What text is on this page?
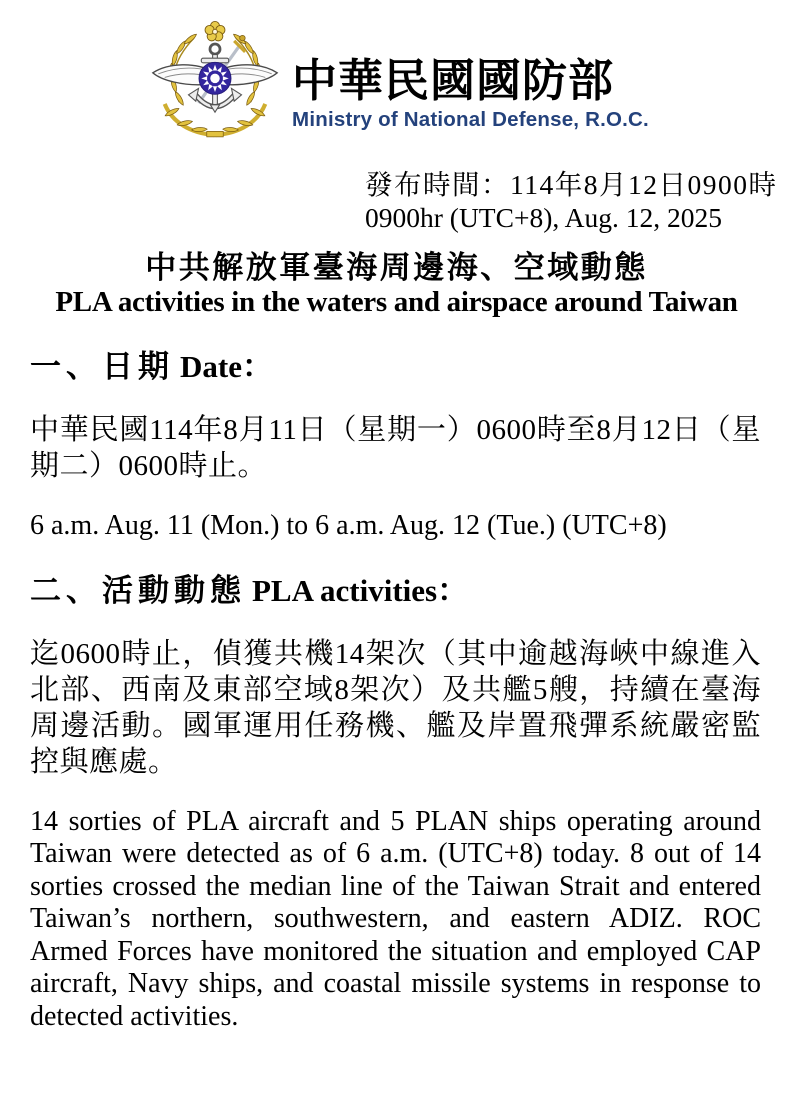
中華民國國防部
Ministry of National Defense, R.O.C.
發布時間：114年8月12日0900時
0900hr (UTC+8), Aug. 12, 2025
中共解放軍臺海周邊海、空域動態
PLA activities in the waters and airspace around Taiwan
一、日期 Date：

中華民國114年8月11日（星期一）0600時至8月12日（星期二）0600時止。

6 a.m. Aug. 11 (Mon.) to 6 a.m. Aug. 12 (Tue.) (UTC+8)

二、活動動態 PLA activities：

迄0600時止，偵獲共機14架次（其中逾越海峽中線進入北部、西南及東部空域8架次）及共艦5艘，持續在臺海周邊活動。國軍運用任務機、艦及岸置飛彈系統嚴密監控與應處。

14 sorties of PLA aircraft and 5 PLAN ships operating around Taiwan were detected as of 6 a.m. (UTC+8) today. 8 out of 14 sorties crossed the median line of the Taiwan Strait and entered Taiwan’s northern, southwestern, and eastern ADIZ. ROC Armed Forces have monitored the situation and employed CAP aircraft, Navy ships, and coastal missile systems in response to detected activities.
